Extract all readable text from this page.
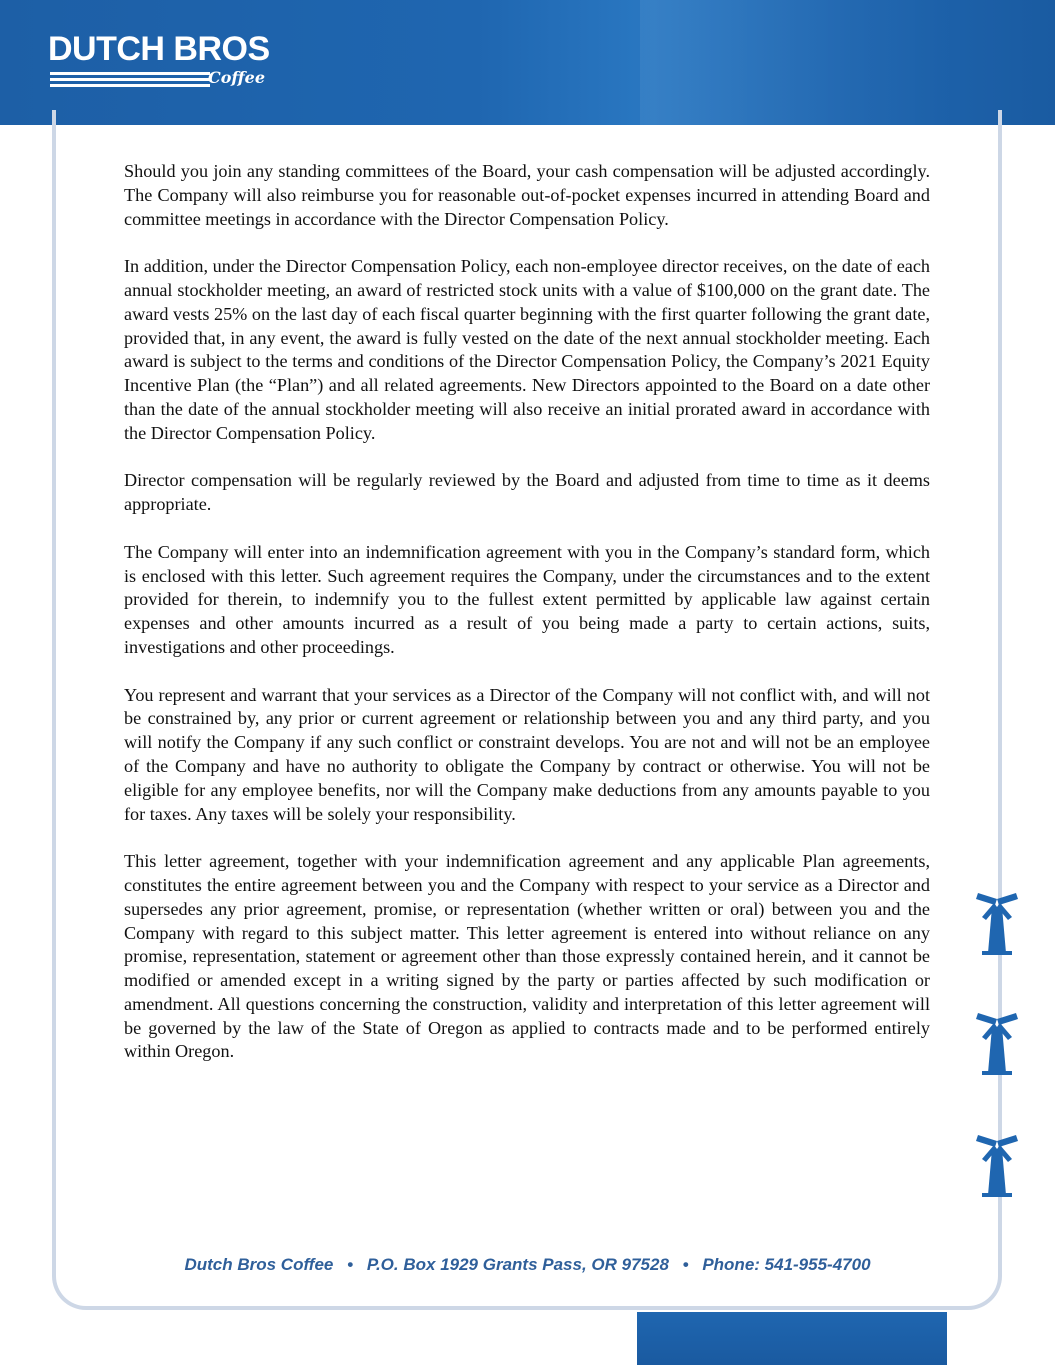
DUTCH BROS
Coffee

Should you join any standing committees of the Board, your cash compensation will be adjusted accordingly. The Company will also reimburse you for reasonable out-of-pocket expenses incurred in attending Board and committee meetings in accordance with the Director Compensation Policy.

In addition, under the Director Compensation Policy, each non-employee director receives, on the date of each annual stockholder meeting, an award of restricted stock units with a value of $100,000 on the grant date. The award vests 25% on the last day of each fiscal quarter beginning with the first quarter following the grant date, provided that, in any event, the award is fully vested on the date of the next annual stockholder meeting. Each award is subject to the terms and conditions of the Director Compensation Policy, the Company’s 2021 Equity Incentive Plan (the “Plan”) and all related agreements. New Directors appointed to the Board on a date other than the date of the annual stockholder meeting will also receive an initial prorated award in accordance with the Director Compensation Policy.

Director compensation will be regularly reviewed by the Board and adjusted from time to time as it deems appropriate.

The Company will enter into an indemnification agreement with you in the Company’s standard form, which is enclosed with this letter. Such agreement requires the Company, under the circumstances and to the extent provided for therein, to indemnify you to the fullest extent permitted by applicable law against certain expenses and other amounts incurred as a result of you being made a party to certain actions, suits, investigations and other proceedings.

You represent and warrant that your services as a Director of the Company will not conflict with, and will not be constrained by, any prior or current agreement or relationship between you and any third party, and you will notify the Company if any such conflict or constraint develops. You are not and will not be an employee of the Company and have no authority to obligate the Company by contract or otherwise. You will not be eligible for any employee benefits, nor will the Company make deductions from any amounts payable to you for taxes. Any taxes will be solely your responsibility.

This letter agreement, together with your indemnification agreement and any applicable Plan agreements, constitutes the entire agreement between you and the Company with respect to your service as a Director and supersedes any prior agreement, promise, or representation (whether written or oral) between you and the Company with regard to this subject matter. This letter agreement is entered into without reliance on any promise, representation, statement or agreement other than those expressly contained herein, and it cannot be modified or amended except in a writing signed by the party or parties affected by such modification or amendment. All questions concerning the construction, validity and interpretation of this letter agreement will be governed by the law of the State of Oregon as applied to contracts made and to be performed entirely within Oregon.

Dutch Bros Coffee • P.O. Box 1929 Grants Pass, OR 97528 • Phone: 541-955-4700
